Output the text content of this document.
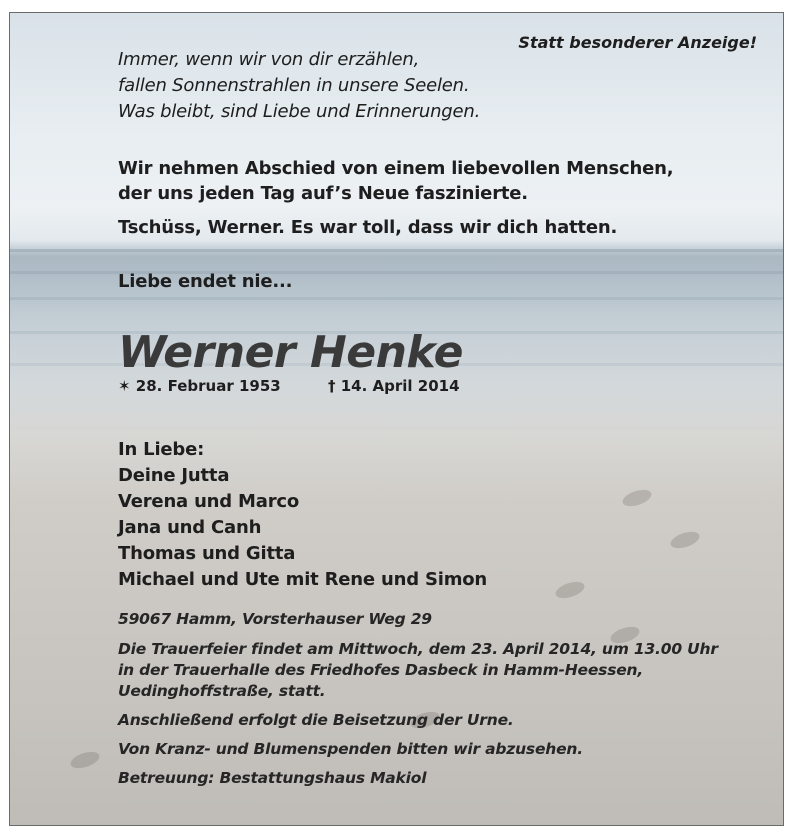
Statt besonderer Anzeige!
Immer, wenn wir von dir erzählen,
fallen Sonnenstrahlen in unsere Seelen.
Was bleibt, sind Liebe und Erinnerungen.
Wir nehmen Abschied von einem liebevollen Menschen,
der uns jeden Tag auf’s Neue faszinierte.
Tschüss, Werner. Es war toll, dass wir dich hatten.
Liebe endet nie...
Werner Henke
✶ 28. Februar 1953	† 14. April 2014
In Liebe:
Deine Jutta
Verena und Marco
Jana und Canh
Thomas und Gitta
Michael und Ute mit Rene und Simon
59067 Hamm, Vorsterhauser Weg 29
Die Trauerfeier findet am Mittwoch, dem 23. April 2014, um 13.00 Uhr
in der Trauerhalle des Friedhofes Dasbeck in Hamm-Heessen,
Uedinghoffstraße, statt.
Anschließend erfolgt die Beisetzung der Urne.
Von Kranz- und Blumenspenden bitten wir abzusehen.
Betreuung: Bestattungshaus Makiol
